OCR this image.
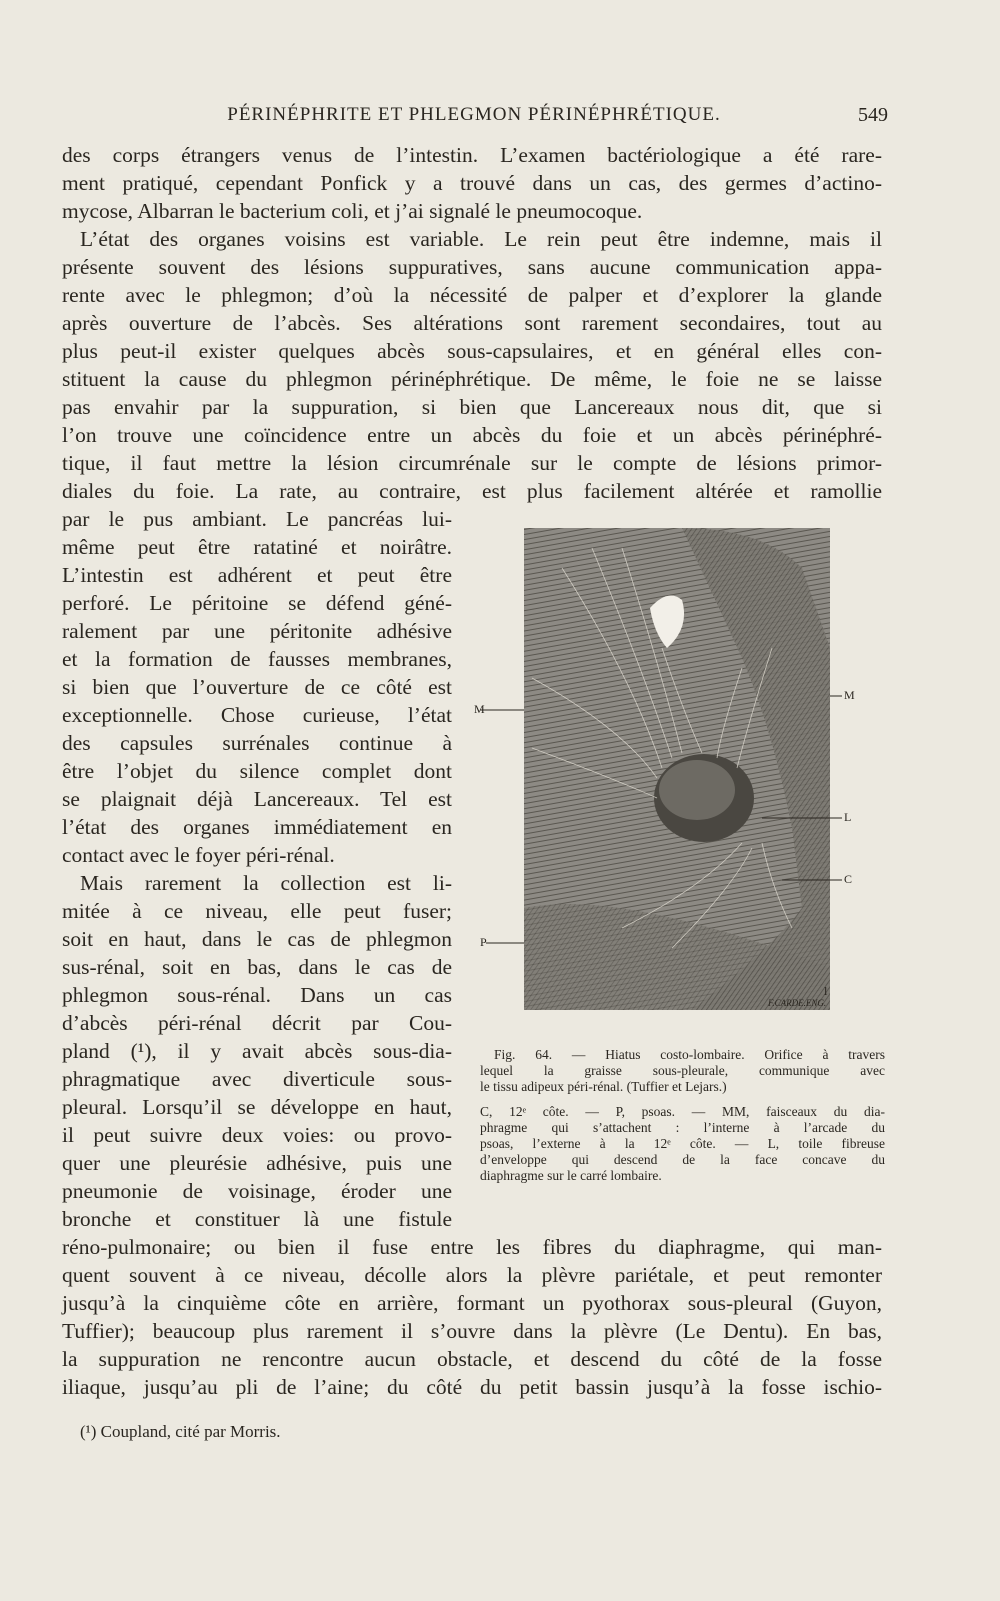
PÉRINÉPHRITE ET PHLEGMON PÉRINÉPHRÉTIQUE.	549
des corps étrangers venus de l’intestin. L’examen bactériologique a été rare-
ment pratiqué, cependant Ponfick y a trouvé dans un cas, des germes d’actino-
mycose, Albarran le bacterium coli, et j’ai signalé le pneumocoque.
L’état des organes voisins est variable. Le rein peut être indemne, mais il
présente souvent des lésions suppuratives, sans aucune communication appa-
rente avec le phlegmon; d’où la nécessité de palper et d’explorer la glande
après ouverture de l’abcès. Ses altérations sont rarement secondaires, tout au
plus peut-il exister quelques abcès sous-capsulaires, et en général elles con-
stituent la cause du phlegmon périnéphrétique. De même, le foie ne se laisse
pas envahir par la suppuration, si bien que Lancereaux nous dit, que si
l’on trouve une coïncidence entre un abcès du foie et un abcès périnéphré-
tique, il faut mettre la lésion circumrénale sur le compte de lésions primor-
diales du foie. La rate, au contraire, est plus facilement altérée et ramollie
par le pus ambiant. Le pancréas lui-
même peut être ratatiné et noirâtre.
L’intestin est adhérent et peut être
perforé. Le péritoine se défend géné-
ralement par une péritonite adhésive
et la formation de fausses membranes,
si bien que l’ouverture de ce côté est
exceptionnelle. Chose curieuse, l’état
des capsules surrénales continue à
être l’objet du silence complet dont
se plaignait déjà Lancereaux. Tel est
l’état des organes immédiatement en
contact avec le foyer péri-rénal.
Mais rarement la collection est li-
mitée à ce niveau, elle peut fuser;
soit en haut, dans le cas de phlegmon
sus-rénal, soit en bas, dans le cas de
phlegmon sous-rénal. Dans un cas
d’abcès péri-rénal décrit par Cou-
pland (¹), il y avait abcès sous-dia-
phragmatique avec diverticule sous-
pleural. Lorsqu’il se développe en haut,
il peut suivre deux voies: ou provo-
quer une pleurésie adhésive, puis une
pneumonie de voisinage, éroder une
bronche et constituer là une fistule
réno-pulmonaire; ou bien il fuse entre les fibres du diaphragme, qui man-
quent souvent à ce niveau, décolle alors la plèvre pariétale, et peut remonter
jusqu’à la cinquième côte en arrière, formant un pyothorax sous-pleural (Guyon,
Tuffier); beaucoup plus rarement il s’ouvre dans la plèvre (Le Dentu). En bas,
la suppuration ne rencontre aucun obstacle, et descend du côté de la fosse
iliaque, jusqu’au pli de l’aine; du côté du petit bassin jusqu’à la fosse ischio-
M
M
L
C
P
l
F.CARDE.ENG.
Fig. 64. — Hiatus costo-lombaire. Orifice à travers
lequel la graisse sous-pleurale, communique avec
le tissu adipeux péri-rénal. (Tuffier et Lejars.)
C, 12ᵉ côte. — P, psoas. — MM, faisceaux du dia-
phragme qui s’attachent : l’interne à l’arcade du
psoas, l’externe à la 12ᵉ côte. — L, toile fibreuse
d’enveloppe qui descend de la face concave du
diaphragme sur le carré lombaire.
(¹) Coupland, cité par Morris.
